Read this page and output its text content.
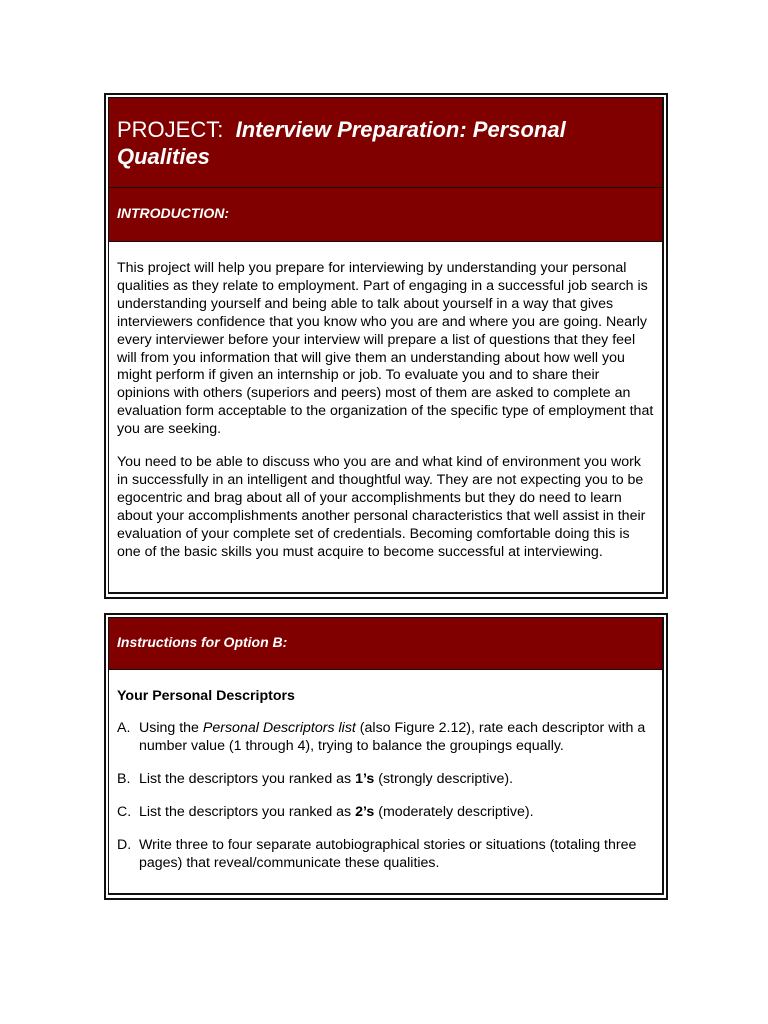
PROJECT: Interview Preparation: Personal Qualities
INTRODUCTION:

This project will help you prepare for interviewing by understanding your personal qualities as they relate to employment. Part of engaging in a successful job search is understanding yourself and being able to talk about yourself in a way that gives interviewers confidence that you know who you are and where you are going. Nearly every interviewer before your interview will prepare a list of questions that they feel will from you information that will give them an understanding about how well you might perform if given an internship or job. To evaluate you and to share their opinions with others (superiors and peers) most of them are asked to complete an evaluation form acceptable to the organization of the specific type of employment that you are seeking.

You need to be able to discuss who you are and what kind of environment you work in successfully in an intelligent and thoughtful way. They are not expecting you to be egocentric and brag about all of your accomplishments but they do need to learn about your accomplishments another personal characteristics that well assist in their evaluation of your complete set of credentials. Becoming comfortable doing this is one of the basic skills you must acquire to become successful at interviewing.

Instructions for Option B:
Your Personal Descriptors
A. Using the Personal Descriptors list (also Figure 2.12), rate each descriptor with a number value (1 through 4), trying to balance the groupings equally.
B. List the descriptors you ranked as 1’s (strongly descriptive).
C. List the descriptors you ranked as 2’s (moderately descriptive).
D. Write three to four separate autobiographical stories or situations (totaling three pages) that reveal/communicate these qualities.
